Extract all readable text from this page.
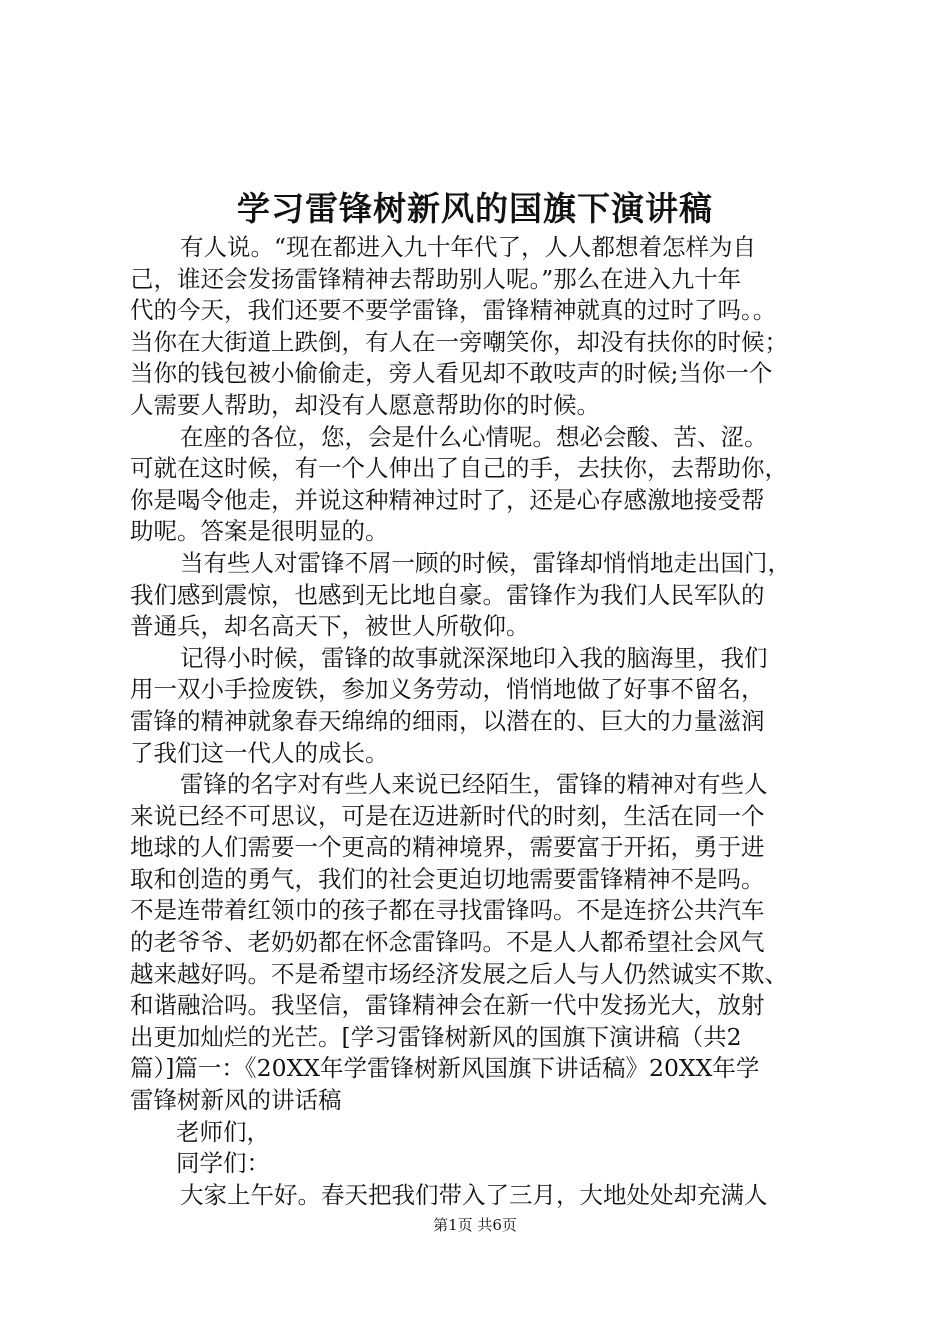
学习雷锋树新风的国旗下演讲稿
有人说。“现在都进入九十年代了，人人都想着怎样为自
己，谁还会发扬雷锋精神去帮助别人呢。”那么在进入九十年
代的今天，我们还要不要学雷锋，雷锋精神就真的过时了吗。。
当你在大街道上跌倒，有人在一旁嘲笑你，却没有扶你的时候；
当你的钱包被小偷偷走，旁人看见却不敢吱声的时候;当你一个
人需要人帮助，却没有人愿意帮助你的时候。
在座的各位，您，会是什么心情呢。想必会酸、苦、涩。
可就在这时候，有一个人伸出了自己的手，去扶你，去帮助你，
你是喝令他走，并说这种精神过时了，还是心存感激地接受帮
助呢。答案是很明显的。
当有些人对雷锋不屑一顾的时候，雷锋却悄悄地走出国门，
我们感到震惊，也感到无比地自豪。雷锋作为我们人民军队的
普通兵，却名高天下，被世人所敬仰。
记得小时候，雷锋的故事就深深地印入我的脑海里，我们
用一双小手捡废铁，参加义务劳动，悄悄地做了好事不留名，
雷锋的精神就象春天绵绵的细雨，以潜在的、巨大的力量滋润
了我们这一代人的成长。
雷锋的名字对有些人来说已经陌生，雷锋的精神对有些人
来说已经不可思议，可是在迈进新时代的时刻，生活在同一个
地球的人们需要一个更高的精神境界，需要富于开拓，勇于进
取和创造的勇气，我们的社会更迫切地需要雷锋精神不是吗。
不是连带着红领巾的孩子都在寻找雷锋吗。不是连挤公共汽车
的老爷爷、老奶奶都在怀念雷锋吗。不是人人都希望社会风气
越来越好吗。不是希望市场经济发展之后人与人仍然诚实不欺、
和谐融洽吗。我坚信，雷锋精神会在新一代中发扬光大，放射
出更加灿烂的光芒。[学习雷锋树新风的国旗下演讲稿（共2
篇）]篇一：《20XX年学雷锋树新风国旗下讲话稿》20XX年学
雷锋树新风的讲话稿
老师们，
同学们：
大家上午好。春天把我们带入了三月，大地处处却充满人
第1页 共6页
